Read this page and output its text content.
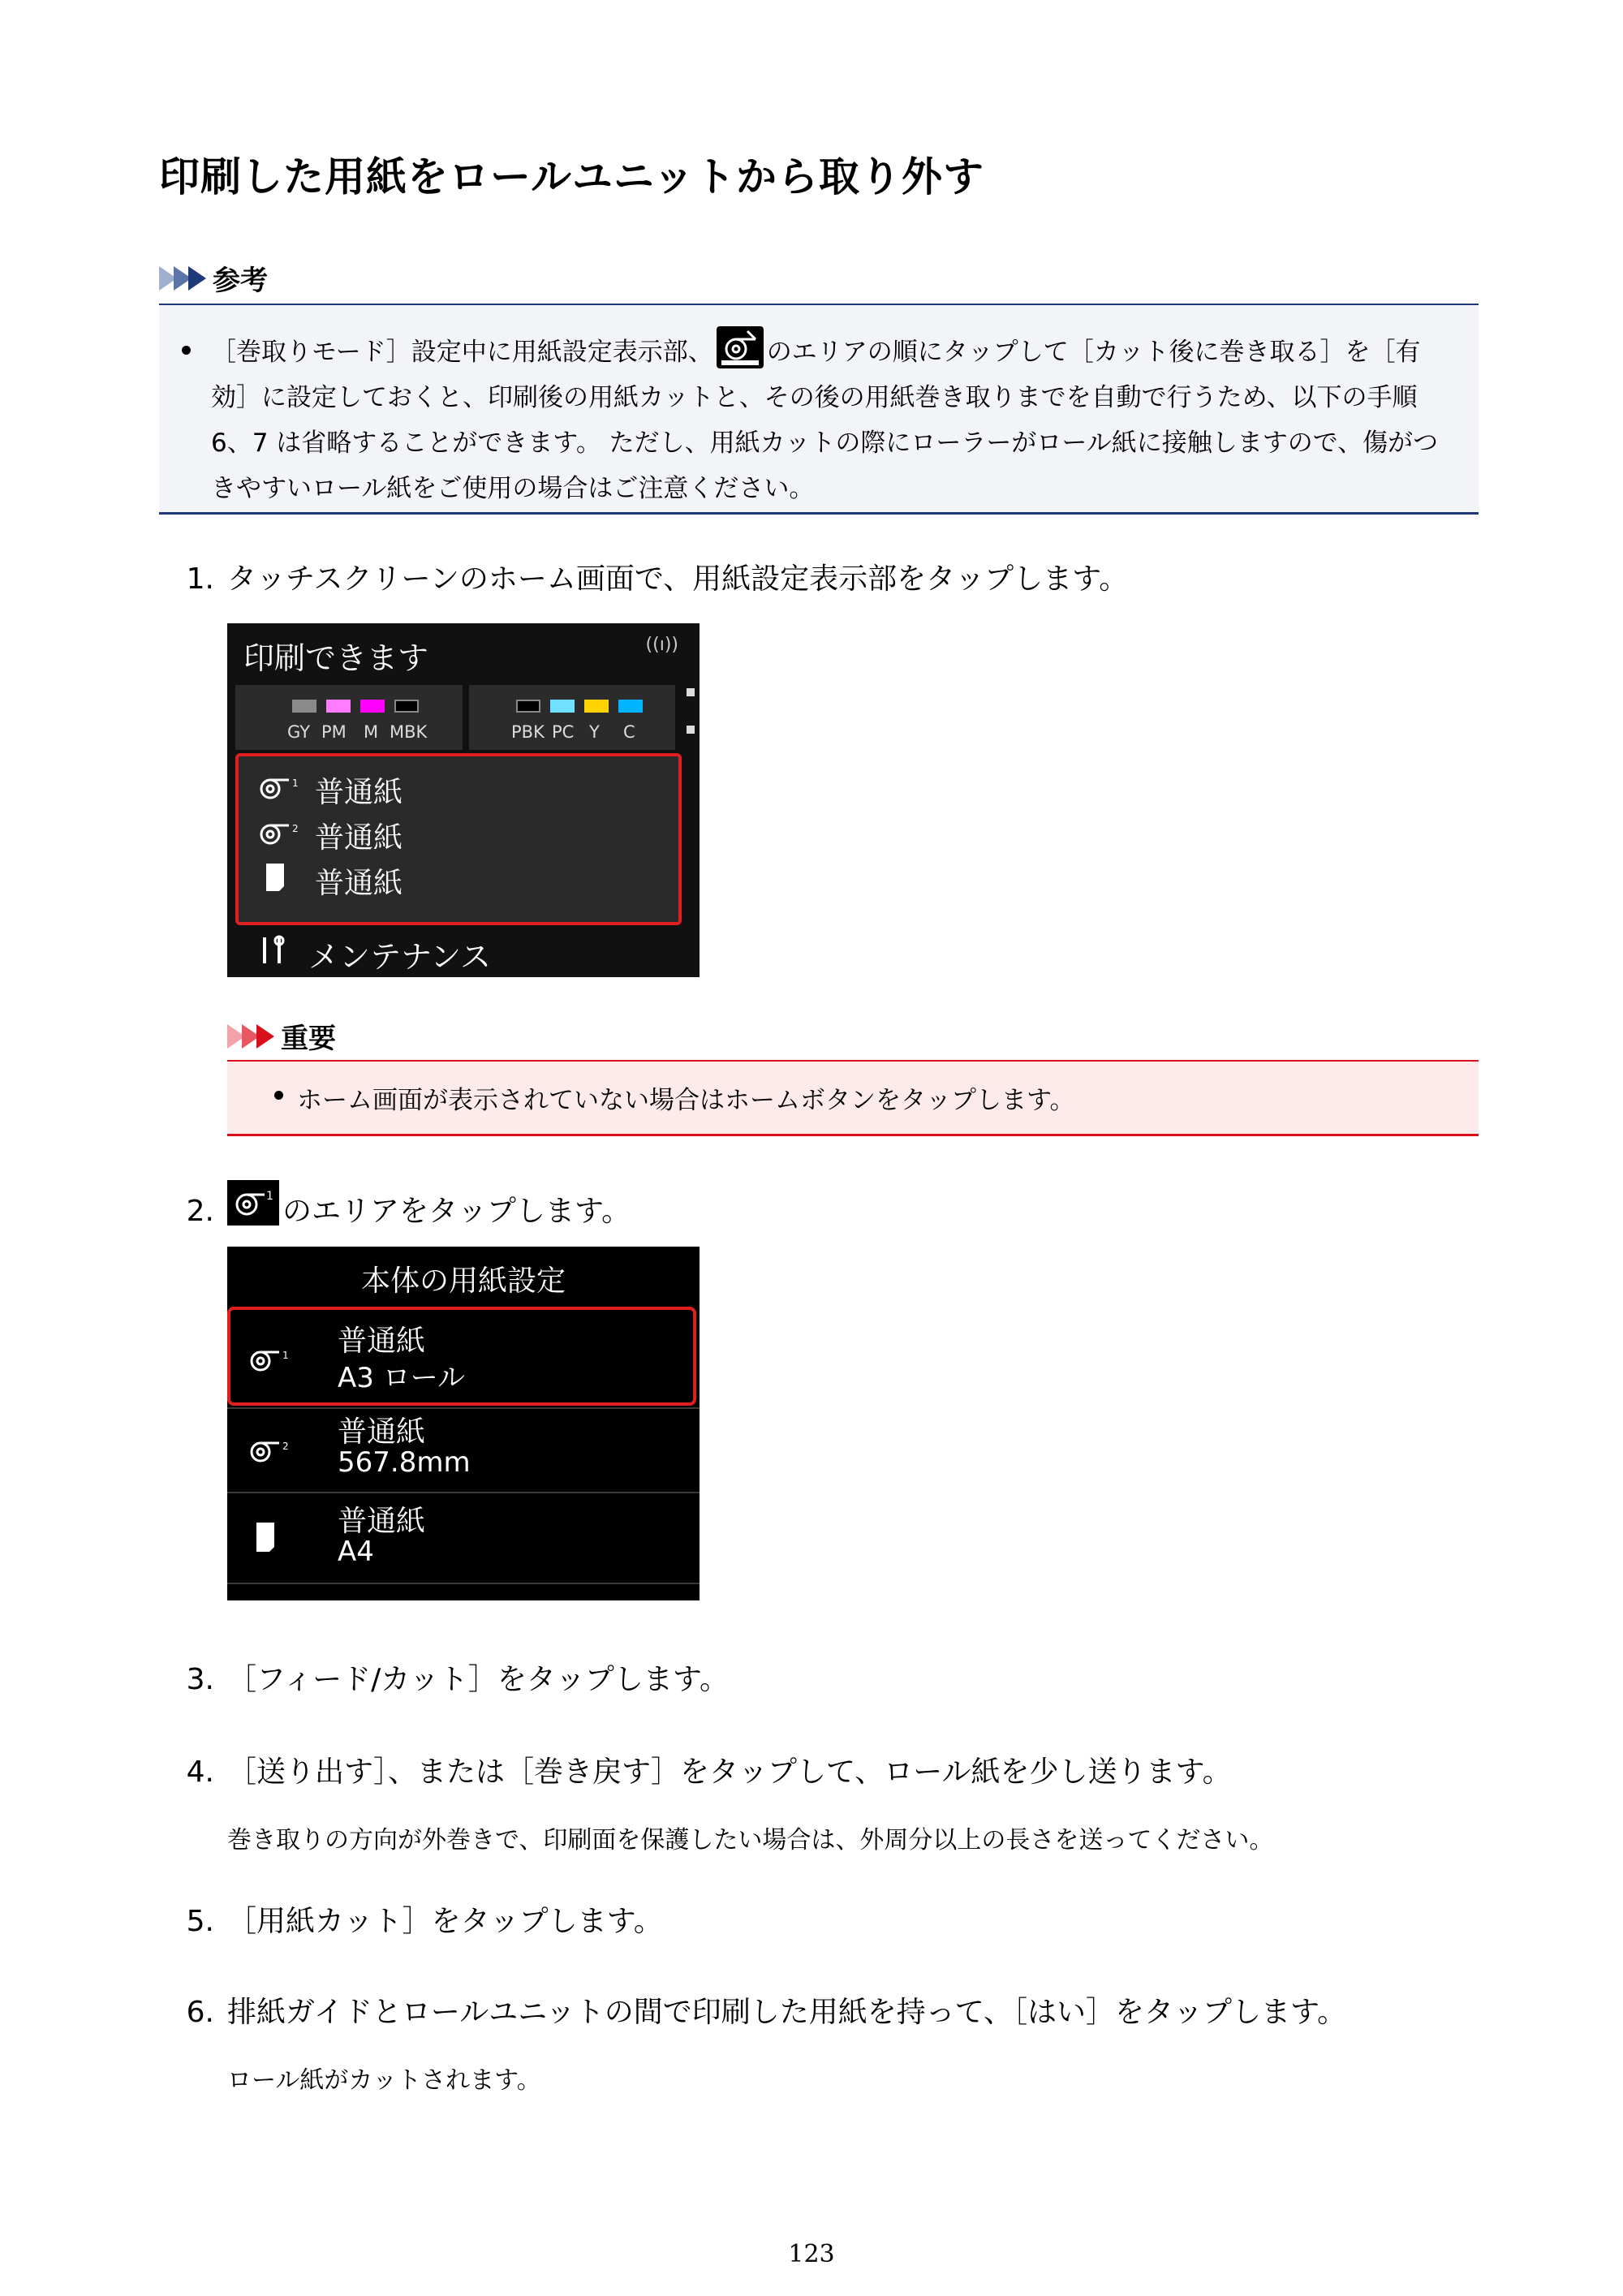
印刷した用紙をロールユニットから取り外す
参考
［巻取りモード］設定中に用紙設定表示部、 のエリアの順にタップして［カット後に巻き取る］を［有効］に設定しておくと、印刷後の用紙カットと、その後の用紙巻き取りまでを自動で行うため、以下の手順 6、7 は省略することができます。 ただし、用紙カットの際にローラーがロール紙に接触しますので、傷がつきやすいロール紙をご使用の場合はご注意ください。
1. タッチスクリーンのホーム画面で、用紙設定表示部をタップします。
印刷できます	((ı))
GY PM M MBK	PBK PC Y C
1 普通紙
2 普通紙
普通紙
メンテナンス
重要
ホーム画面が表示されていない場合はホームボタンをタップします。
2.	1 のエリアをタップします。
本体の用紙設定
1 普通紙
A3 ロール
2 普通紙
567.8mm
普通紙
A4
3. ［フィード/カット］をタップします。
4. ［送り出す］、または［巻き戻す］をタップして、ロール紙を少し送ります。
巻き取りの方向が外巻きで、印刷面を保護したい場合は、外周分以上の長さを送ってください。
5. ［用紙カット］をタップします。
6. 排紙ガイドとロールユニットの間で印刷した用紙を持って、［はい］をタップします。
ロール紙がカットされます。
123
